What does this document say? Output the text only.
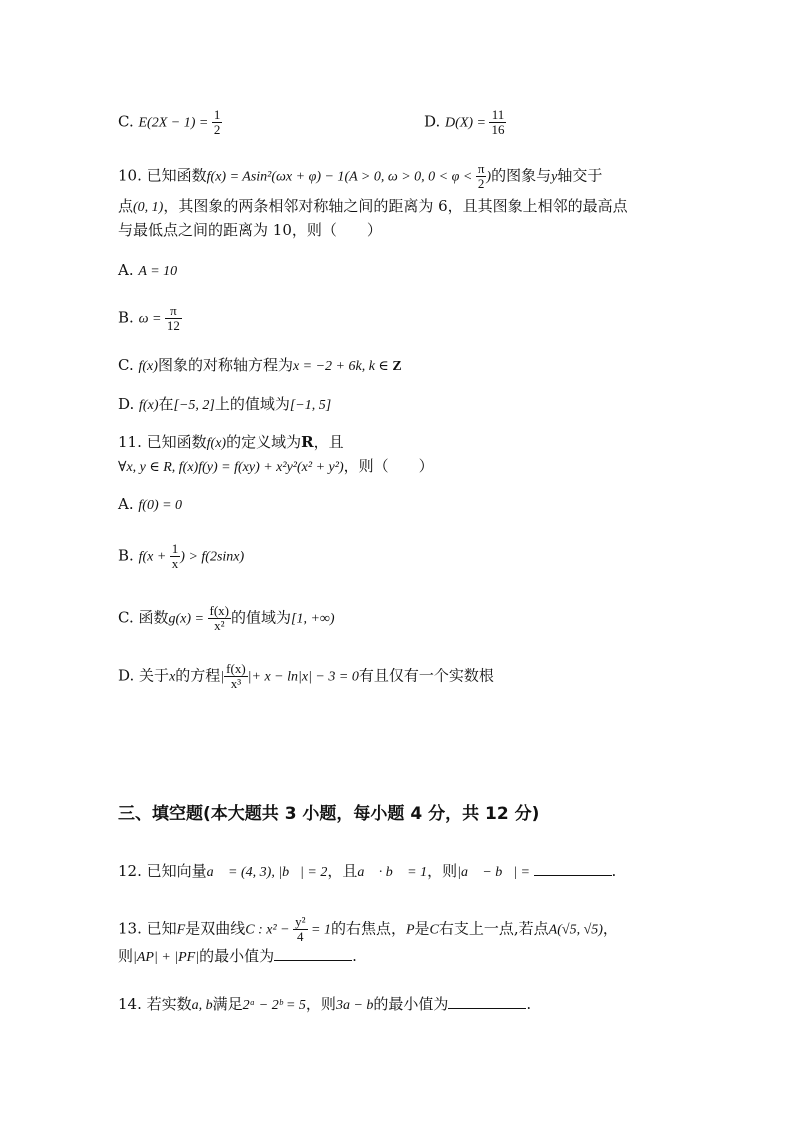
C. $E(2X - 1) = \frac{1}{2}$	D. $D(X) = \frac{11}{16}$
10. 已知函数f(x) = Asin²(ωx + φ) − 1(A > 0, ω > 0, $0 < \varphi < \frac{\pi}{2}$ )的图象与y轴交于
点(0, 1)，其图象的两条相邻对称轴之间的距离为 6，且其图象上相邻的最高点
与最低点之间的距离为 10，则（　　）
A. A = 10
B. $\omega = \frac{\pi}{12}$
C. f(x)图象的对称轴方程为x = −2 + 6k, k ∈ Z
D. f(x)在[−5, 2]上的值域为[−1, 5]
11. 已知函数f(x)的定义域为R，且
∀x, y ∈ R, f(x)f(y) = f(xy) + x²y²(x² + y²)，则（　　）
A. f(0) = 0
B. $f(x + \frac{1}{x}$ ) > f(2sinx)
C. 函数$g(x) = \frac{f(x)}{\text{x²}}$ 的值域为[1, +∞)
D. 关于x的方程| $\frac{f(x)}{\text{x³}}$ |+ x − ln|x| − 3 = 0有且仅有一个实数根
三、填空题(本大题共 3 小题，每小题 4 分，共 12 分)
12. 已知向量a⃗ = (4, 3), |b⃗| = 2，且a⃗ · b⃗ = 1，则|a⃗ − b⃗| =	.
13. 已知F是双曲线C : $x^2 - \frac{\text{y²}}{4} = 1$的右焦点，P是C右支上一点,若点A(√5, √5)，
则|AP| + |PF|的最小值为	.
14. 若实数a, b满足2ᵃ − 2ᵇ = 5，则3a − b的最小值为	.
